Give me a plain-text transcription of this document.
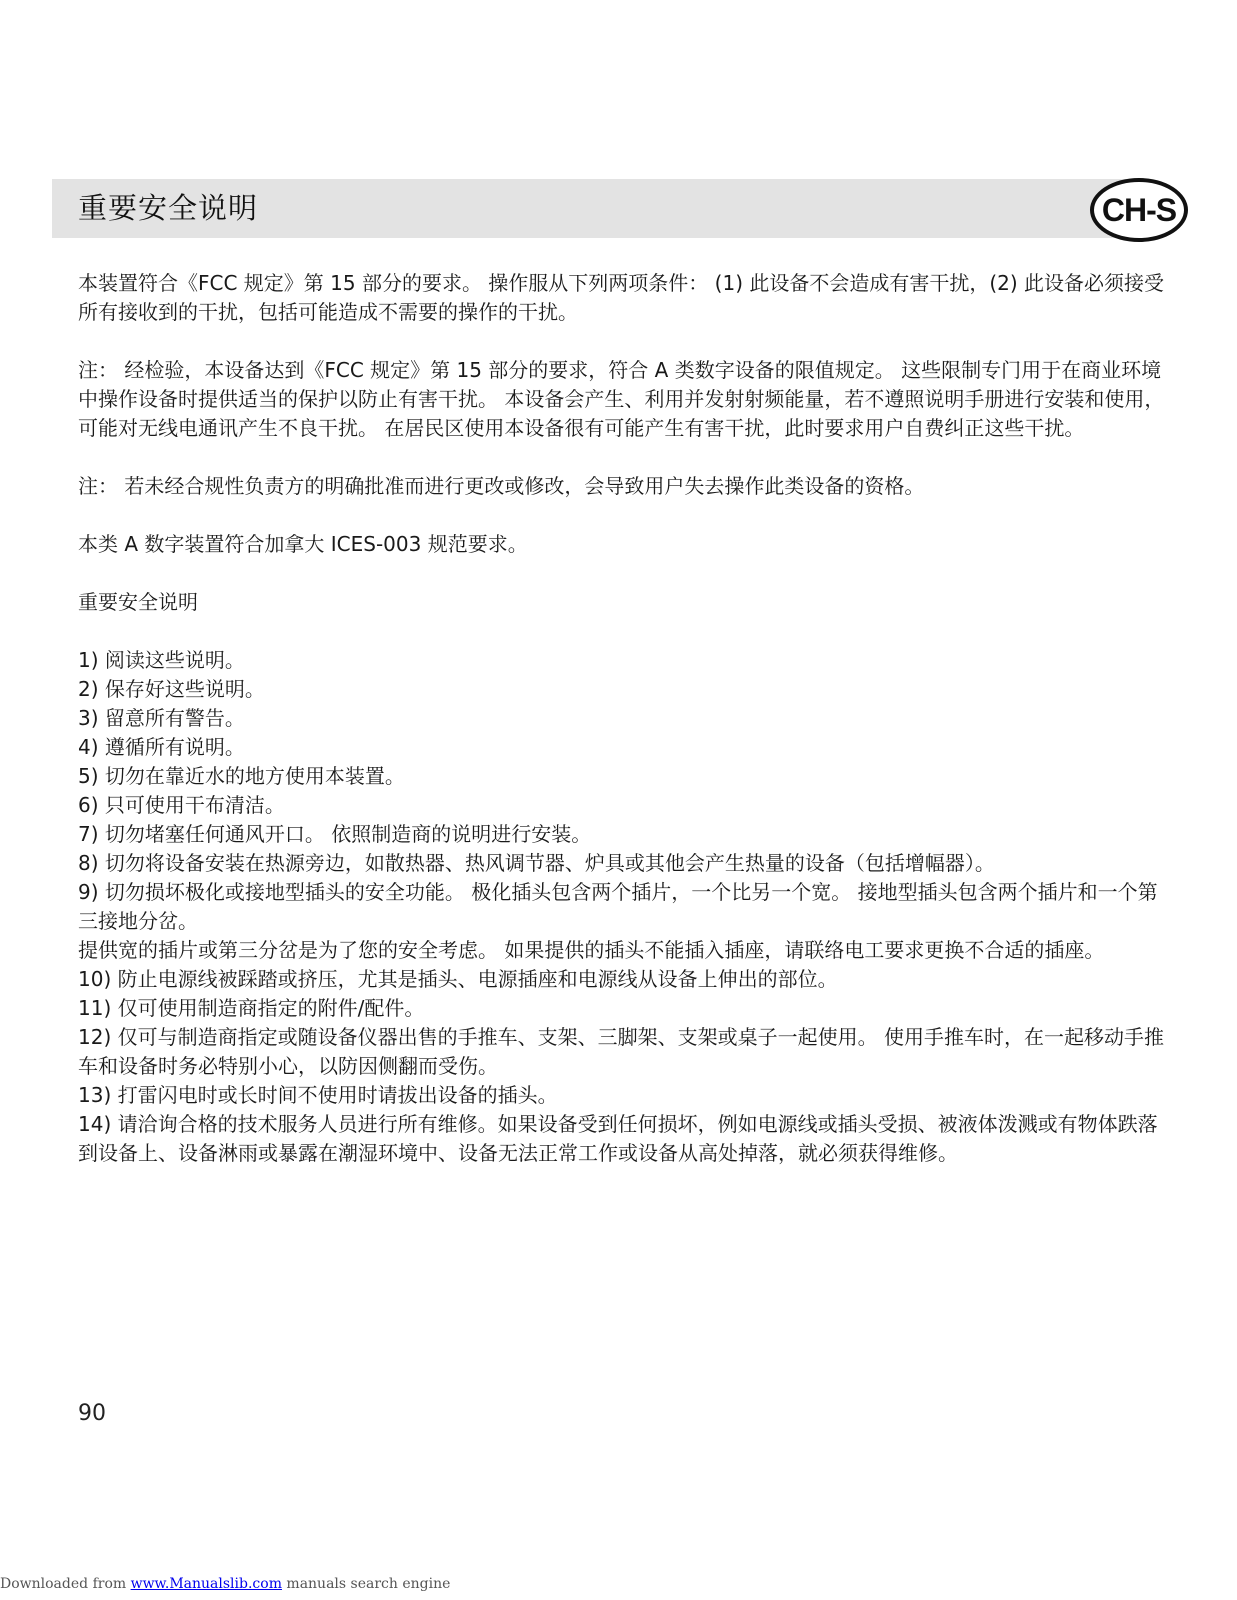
重要安全说明	CH-S

本装置符合《FCC 规定》第 15 部分的要求。 操作服从下列两项条件： (1) 此设备不会造成有害干扰，(2) 此设备必须接受所有接收到的干扰，包括可能造成不需要的操作的干扰。

注： 经检验，本设备达到《FCC 规定》第 15 部分的要求，符合 A 类数字设备的限值规定。 这些限制专门用于在商业环境中操作设备时提供适当的保护以防止有害干扰。 本设备会产生、利用并发射射频能量，若不遵照说明手册进行安装和使用，可能对无线电通讯产生不良干扰。 在居民区使用本设备很有可能产生有害干扰，此时要求用户自费纠正这些干扰。

注： 若未经合规性负责方的明确批准而进行更改或修改，会导致用户失去操作此类设备的资格。

本类 A 数字装置符合加拿大 ICES-003 规范要求。

重要安全说明

1) 阅读这些说明。
2) 保存好这些说明。
3) 留意所有警告。
4) 遵循所有说明。
5) 切勿在靠近水的地方使用本装置。
6) 只可使用干布清洁。
7) 切勿堵塞任何通风开口。 依照制造商的说明进行安装。
8) 切勿将设备安装在热源旁边，如散热器、热风调节器、炉具或其他会产生热量的设备（包括增幅器）。
9) 切勿损坏极化或接地型插头的安全功能。 极化插头包含两个插片，一个比另一个宽。 接地型插头包含两个插片和一个第三接地分岔。
提供宽的插片或第三分岔是为了您的安全考虑。 如果提供的插头不能插入插座，请联络电工要求更换不合适的插座。
10) 防止电源线被踩踏或挤压，尤其是插头、电源插座和电源线从设备上伸出的部位。
11) 仅可使用制造商指定的附件/配件。
12) 仅可与制造商指定或随设备仪器出售的手推车、支架、三脚架、支架或桌子一起使用。 使用手推车时，在一起移动手推车和设备时务必特别小心，以防因侧翻而受伤。
13) 打雷闪电时或长时间不使用时请拔出设备的插头。
14) 请洽询合格的技术服务人员进行所有维修。如果设备受到任何损坏，例如电源线或插头受损、被液体泼溅或有物体跌落到设备上、设备淋雨或暴露在潮湿环境中、设备无法正常工作或设备从高处掉落，就必须获得维修。
90
Downloaded from www.Manualslib.com manuals search engine
